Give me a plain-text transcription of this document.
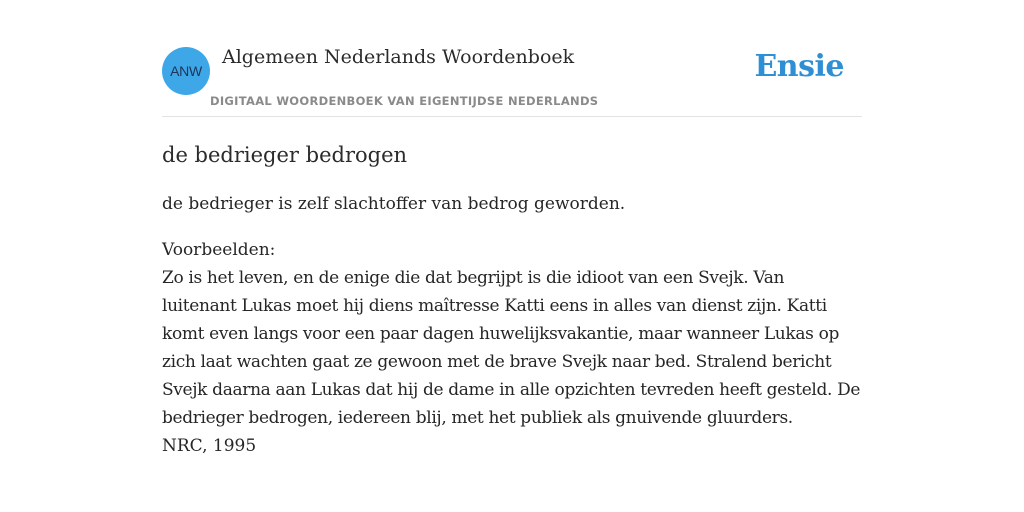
ANW
Algemeen Nederlands Woordenboek
DIGITAAL WOORDENBOEK VAN EIGENTIJDSE NEDERLANDS
Ensie
de bedrieger bedrogen

de bedrieger is zelf slachtoffer van bedrog geworden.

Voorbeelden:

Zo is het leven, en de enige die dat begrijpt is die idioot van een Svejk. Van luitenant Lukas moet hij diens maîtresse Katti eens in alles van dienst zijn. Katti komt even langs voor een paar dagen huwelijksvakantie, maar wanneer Lukas op zich laat wachten gaat ze gewoon met de brave Svejk naar bed. Stralend bericht Svejk daarna aan Lukas dat hij de dame in alle opzichten tevreden heeft gesteld. De bedrieger bedrogen, iedereen blij, met het publiek als gnuivende gluurders.

NRC, 1995
